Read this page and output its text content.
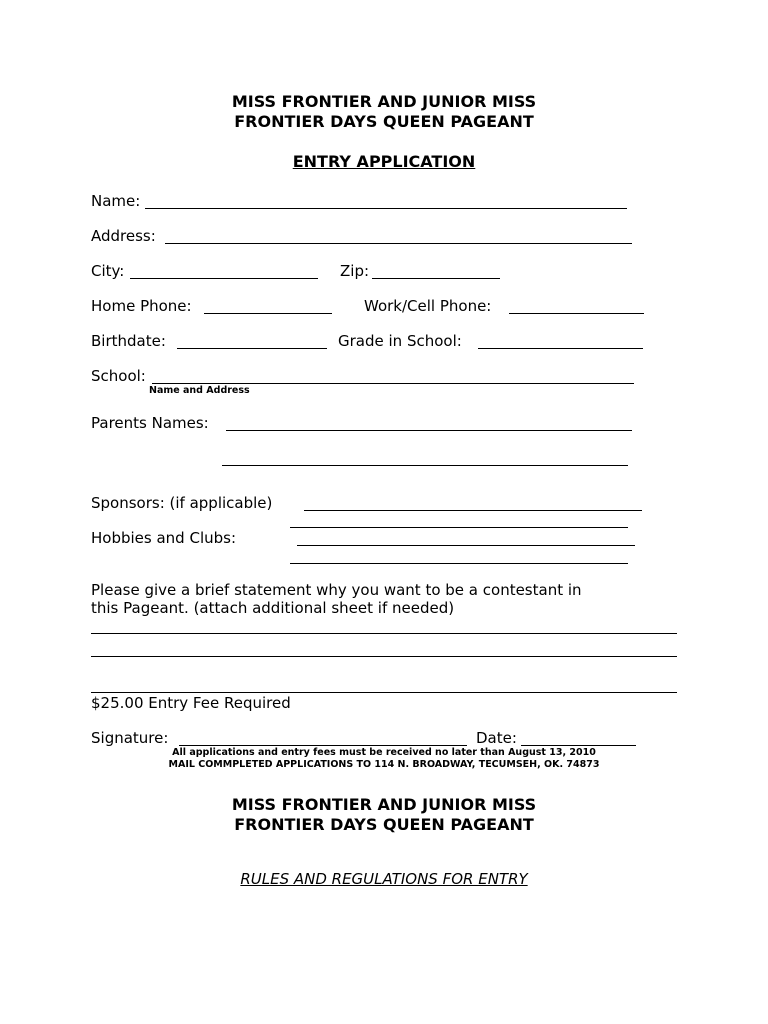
MISS FRONTIER AND JUNIOR MISS
FRONTIER DAYS QUEEN PAGEANT
ENTRY APPLICATION
Name:
Address:
City:	Zip:
Home Phone:	Work/Cell Phone:
Birthdate:	Grade in School:
School:
Name and Address
Parents Names:
Sponsors: (if applicable)
Hobbies and Clubs:
Please give a brief statement why you want to be a contestant in
this Pageant. (attach additional sheet if needed)
$25.00 Entry Fee Required
Signature:	Date:
All applications and entry fees must be received no later than August 13, 2010
MAIL COMMPLETED APPLICATIONS TO 114 N. BROADWAY, TECUMSEH, OK. 74873
MISS FRONTIER AND JUNIOR MISS
FRONTIER DAYS QUEEN PAGEANT
RULES AND REGULATIONS FOR ENTRY
